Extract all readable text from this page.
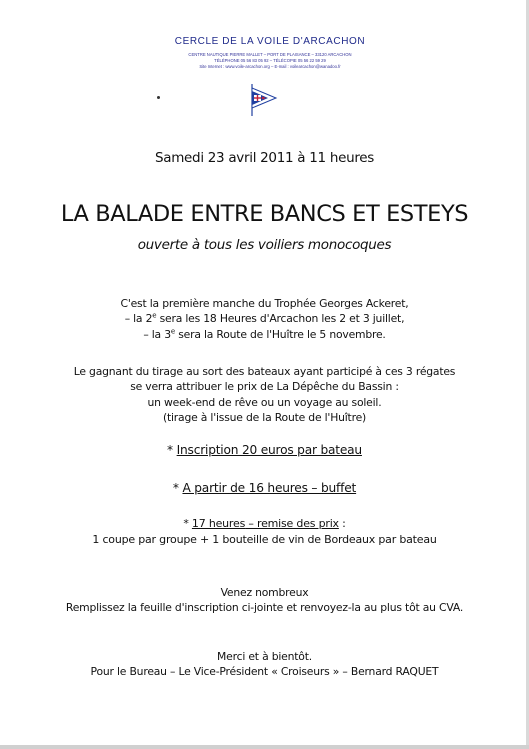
CERCLE DE LA VOILE D'ARCACHON
CENTRE NAUTIQUE PIERRE MALLET – PORT DE PLAISANCE – 33120 ARCACHON
TÉLÉPHONE 05 56 83 05 92 – TÉLÉCOPIE 05 56 22 59 29
Site Internet : www.voile-arcachon.org – E-mail : voilearcachon@wanadoo.fr
Samedi 23 avril 2011 à 11 heures
LA BALADE ENTRE BANCS ET ESTEYS
ouverte à tous les voiliers monocoques
C'est la première manche du Trophée Georges Ackeret,
– la 2e sera les 18 Heures d'Arcachon les 2 et 3 juillet,
– la 3e sera la Route de l'Huître le 5 novembre.
Le gagnant du tirage au sort des bateaux ayant participé à ces 3 régates
se verra attribuer le prix de La Dépêche du Bassin :
un week-end de rêve ou un voyage au soleil.
(tirage à l'issue de la Route de l'Huître)
* Inscription 20 euros par bateau
* A partir de 16 heures – buffet
* 17 heures – remise des prix :
1 coupe par groupe + 1 bouteille de vin de Bordeaux par bateau
Venez nombreux
Remplissez la feuille d'inscription ci-jointe et renvoyez-la au plus tôt au CVA.
Merci et à bientôt.
Pour le Bureau – Le Vice-Président « Croiseurs » – Bernard RAQUET
